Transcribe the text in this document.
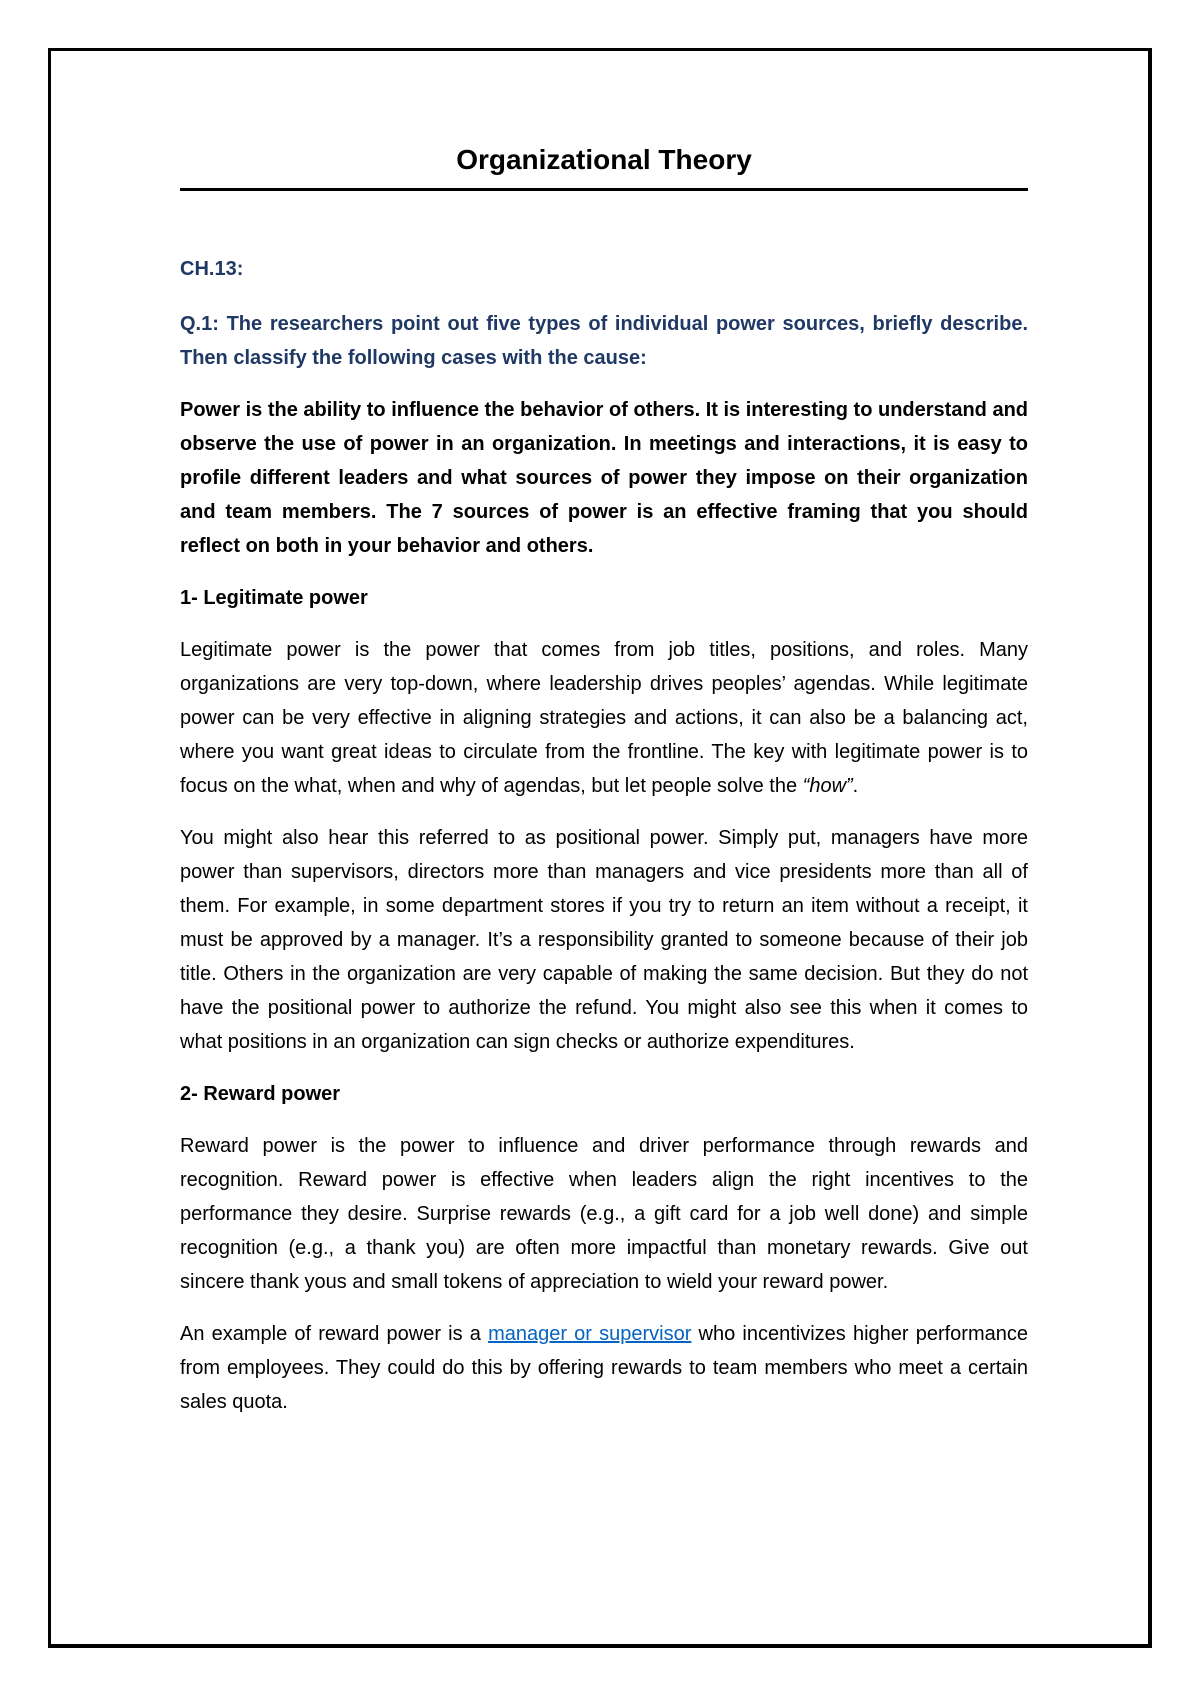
Organizational Theory
CH.13:
Q.1: The researchers point out five types of individual power sources, briefly describe. Then classify the following cases with the cause:

Power is the ability to influence the behavior of others. It is interesting to understand and observe the use of power in an organization. In meetings and interactions, it is easy to profile different leaders and what sources of power they impose on their organization and team members. The 7 sources of power is an effective framing that you should reflect on both in your behavior and others.

1- Legitimate power

Legitimate power is the power that comes from job titles, positions, and roles. Many organizations are very top-down, where leadership drives peoples’ agendas. While legitimate power can be very effective in aligning strategies and actions, it can also be a balancing act, where you want great ideas to circulate from the frontline. The key with legitimate power is to focus on the what, when and why of agendas, but let people solve the “how”.

You might also hear this referred to as positional power. Simply put, managers have more power than supervisors, directors more than managers and vice presidents more than all of them. For example, in some department stores if you try to return an item without a receipt, it must be approved by a manager. It’s a responsibility granted to someone because of their job title. Others in the organization are very capable of making the same decision. But they do not have the positional power to authorize the refund. You might also see this when it comes to what positions in an organization can sign checks or authorize expenditures.

2- Reward power

Reward power is the power to influence and driver performance through rewards and recognition. Reward power is effective when leaders align the right incentives to the performance they desire. Surprise rewards (e.g., a gift card for a job well done) and simple recognition (e.g., a thank you) are often more impactful than monetary rewards. Give out sincere thank yous and small tokens of appreciation to wield your reward power.

An example of reward power is a manager or supervisor who incentivizes higher performance from employees. They could do this by offering rewards to team members who meet a certain sales quota.
